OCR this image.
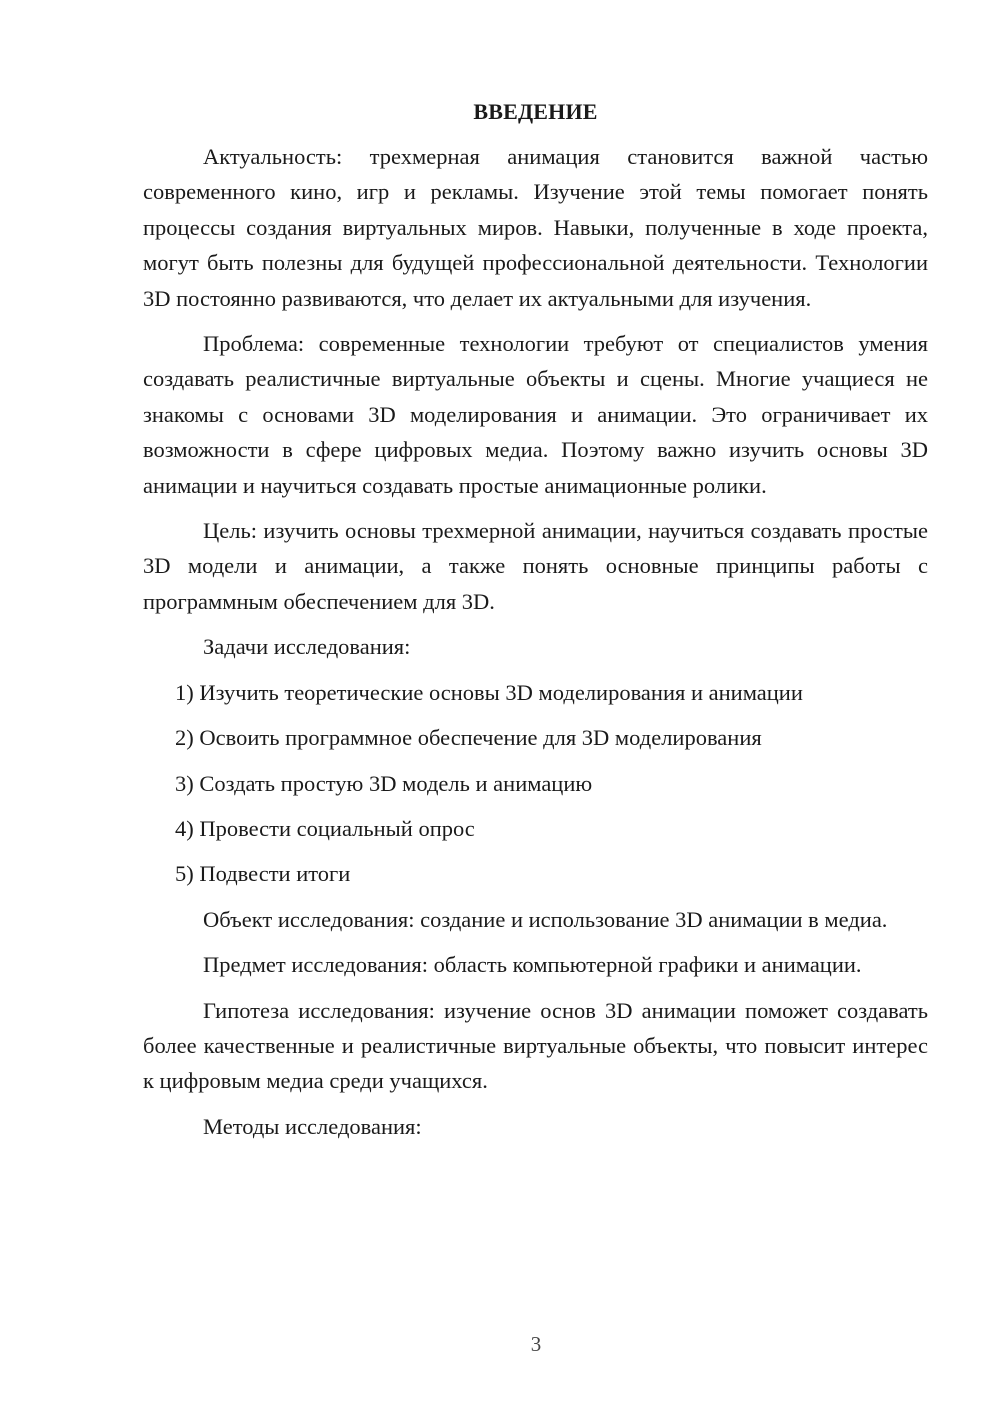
ВВЕДЕНИЕ

Актуальность: трехмерная анимация становится важной частью современного кино, игр и рекламы. Изучение этой темы помогает понять процессы создания виртуальных миров. Навыки, полученные в ходе проекта, могут быть полезны для будущей профессиональной деятельности. Технологии 3D постоянно развиваются, что делает их актуальными для изучения.

Проблема: современные технологии требуют от специалистов умения создавать реалистичные виртуальные объекты и сцены. Многие учащиеся не знакомы с основами 3D моделирования и анимации. Это ограничивает их возможности в сфере цифровых медиа. Поэтому важно изучить основы 3D анимации и научиться создавать простые анимационные ролики.

Цель: изучить основы трехмерной анимации, научиться создавать простые 3D модели и анимации, а также понять основные принципы работы с программным обеспечением для 3D.

Задачи исследования:

1) Изучить теоретические основы 3D моделирования и анимации
2) Освоить программное обеспечение для 3D моделирования
3) Создать простую 3D модель и анимацию
4) Провести социальный опрос
5) Подвести итоги

Объект исследования: создание и использование 3D анимации в медиа.

Предмет исследования: область компьютерной графики и анимации.

Гипотеза исследования: изучение основ 3D анимации поможет создавать более качественные и реалистичные виртуальные объекты, что повысит интерес к цифровым медиа среди учащихся.

Методы исследования:

3
